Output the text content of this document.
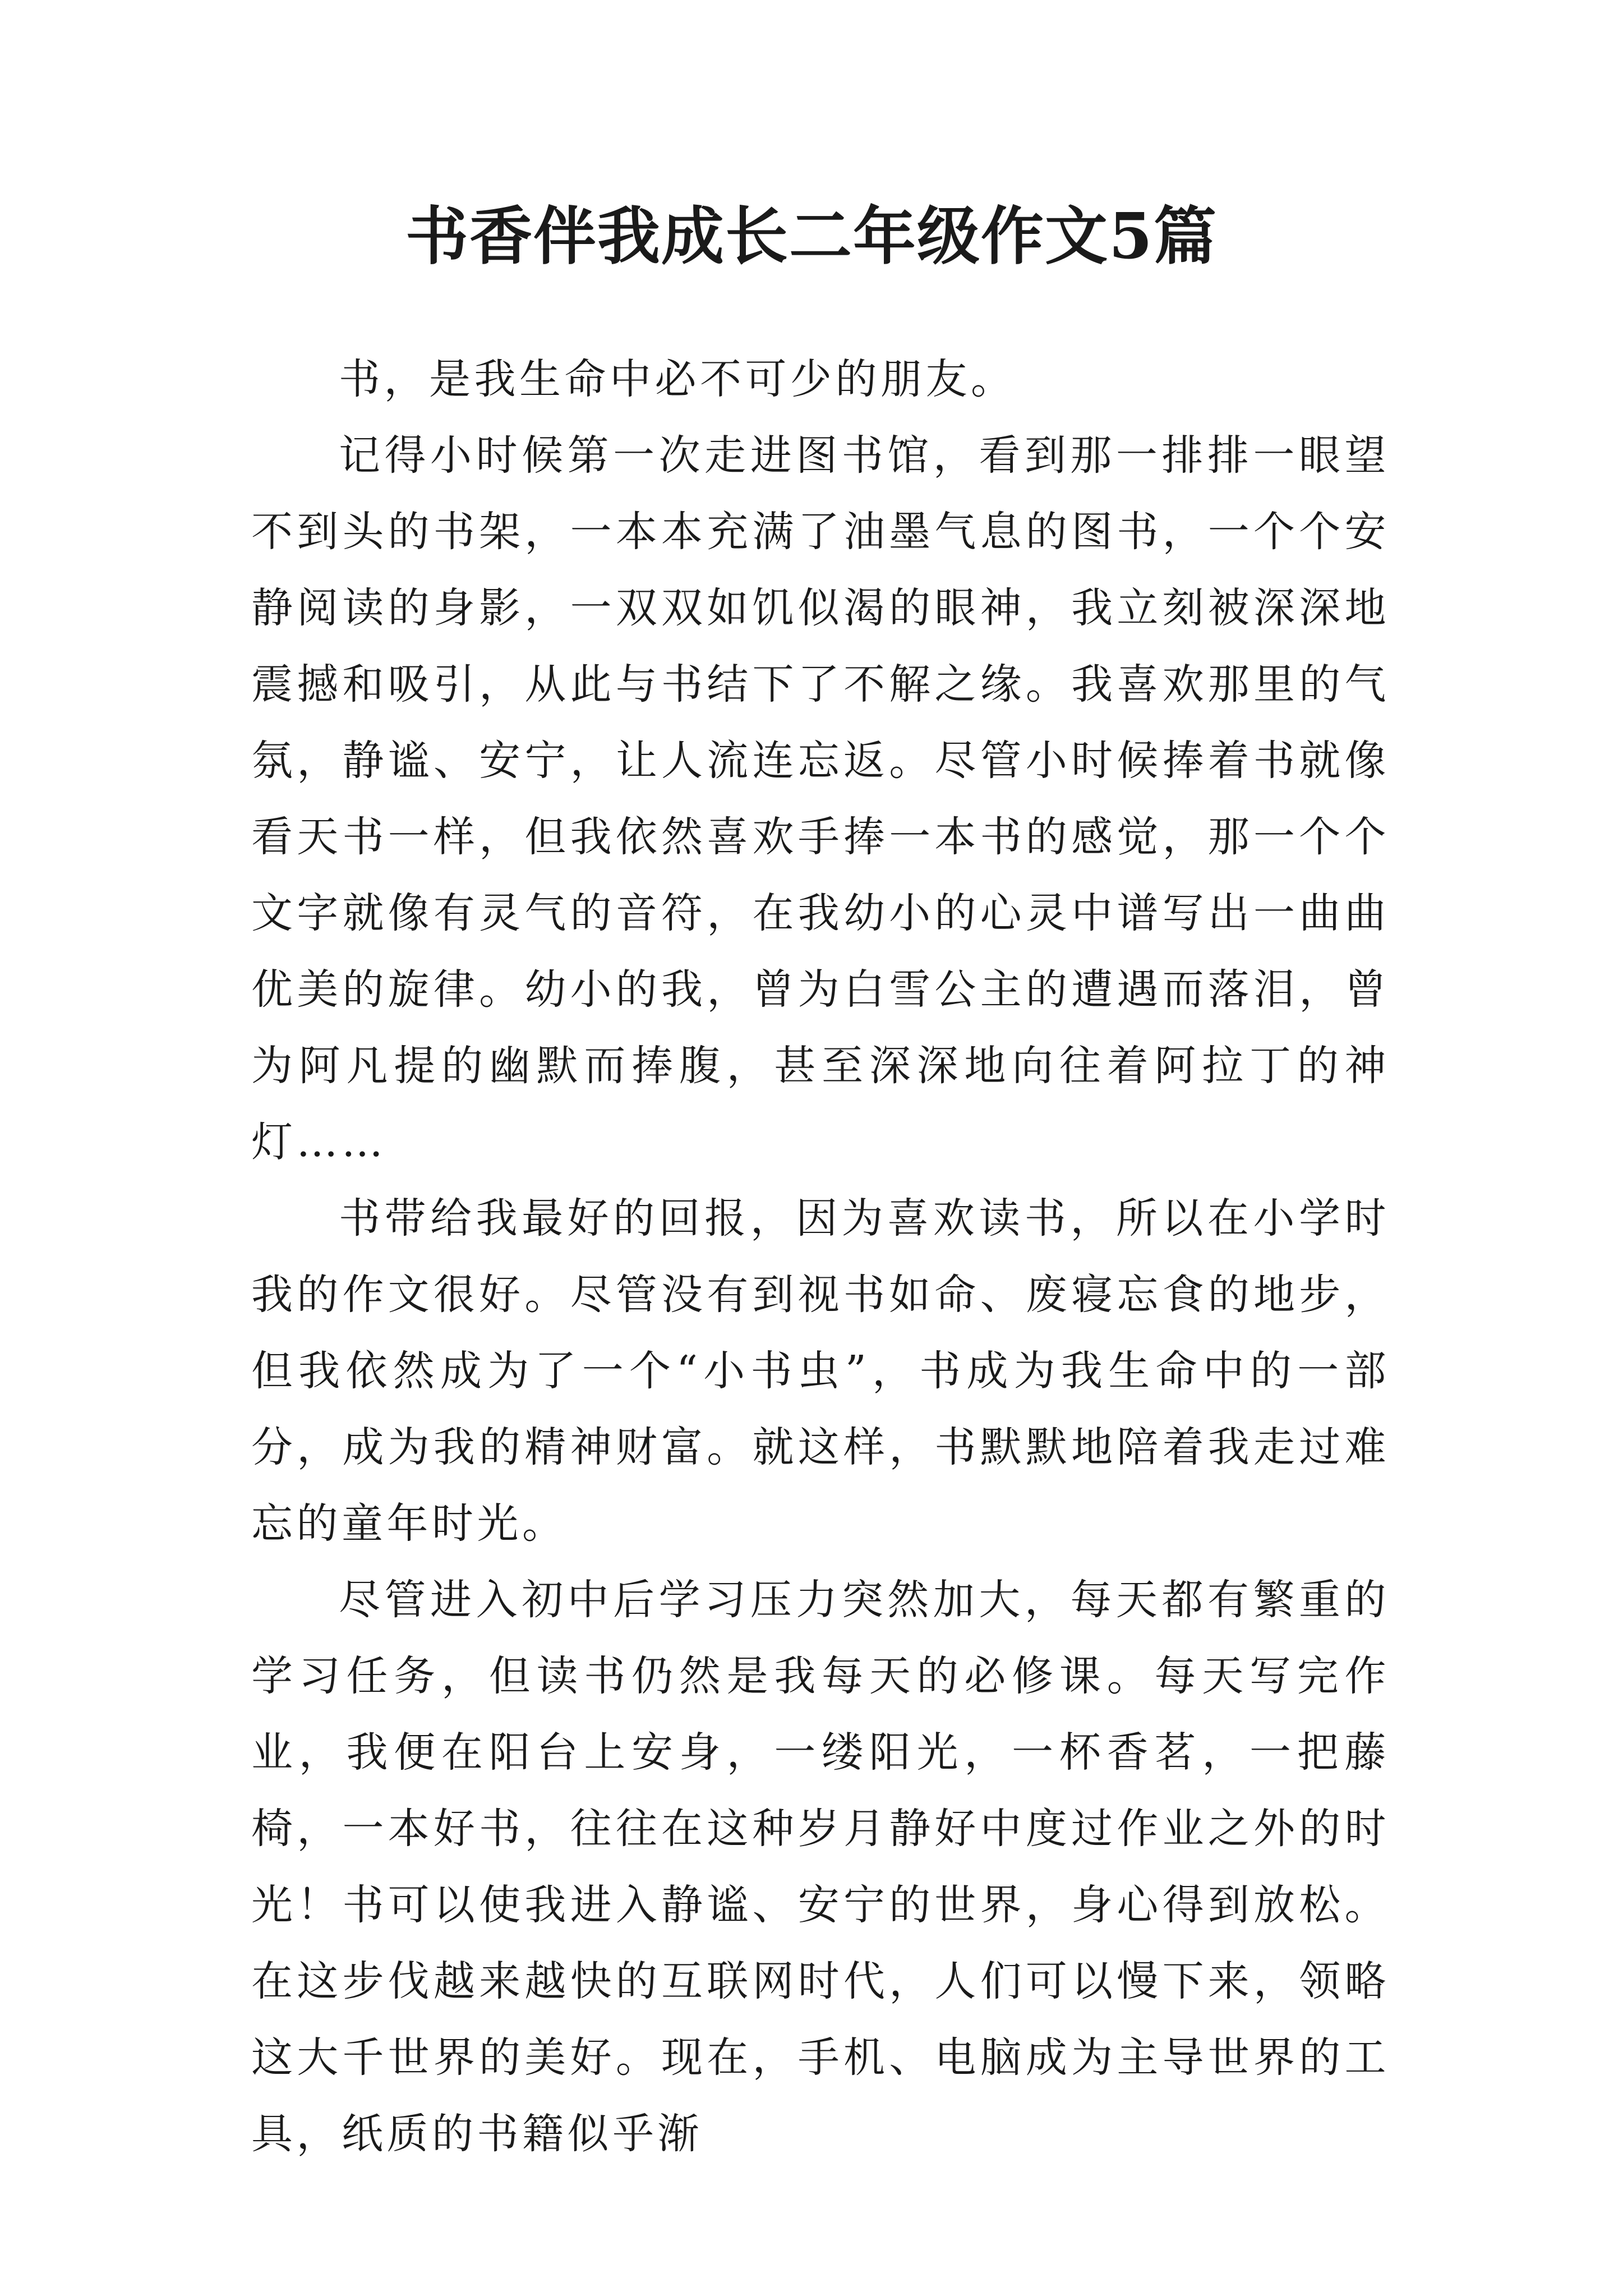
书香伴我成长二年级作文5篇

书，是我生命中必不可少的朋友。

记得小时候第一次走进图书馆，看到那一排排一眼望不到头的书架，一本本充满了油墨气息的图书，一个个安静阅读的身影，一双双如饥似渴的眼神，我立刻被深深地震撼和吸引，从此与书结下了不解之缘。我喜欢那里的气氛，静谧、安宁，让人流连忘返。尽管小时候捧着书就像看天书一样，但我依然喜欢手捧一本书的感觉，那一个个文字就像有灵气的音符，在我幼小的心灵中谱写出一曲曲优美的旋律。幼小的我，曾为白雪公主的遭遇而落泪，曾为阿凡提的幽默而捧腹，甚至深深地向往着阿拉丁的神灯……

书带给我最好的回报，因为喜欢读书，所以在小学时我的作文很好。尽管没有到视书如命、废寝忘食的地步，但我依然成为了一个“小书虫”，书成为我生命中的一部分，成为我的精神财富。就这样，书默默地陪着我走过难忘的童年时光。

尽管进入初中后学习压力突然加大，每天都有繁重的学习任务，但读书仍然是我每天的必修课。每天写完作业，我便在阳台上安身，一缕阳光，一杯香茗，一把藤椅，一本好书，往往在这种岁月静好中度过作业之外的时光！书可以使我进入静谧、安宁的世界，身心得到放松。在这步伐越来越快的互联网时代，人们可以慢下来，领略这大千世界的美好。现在，手机、电脑成为主导世界的工具，纸质的书籍似乎渐
